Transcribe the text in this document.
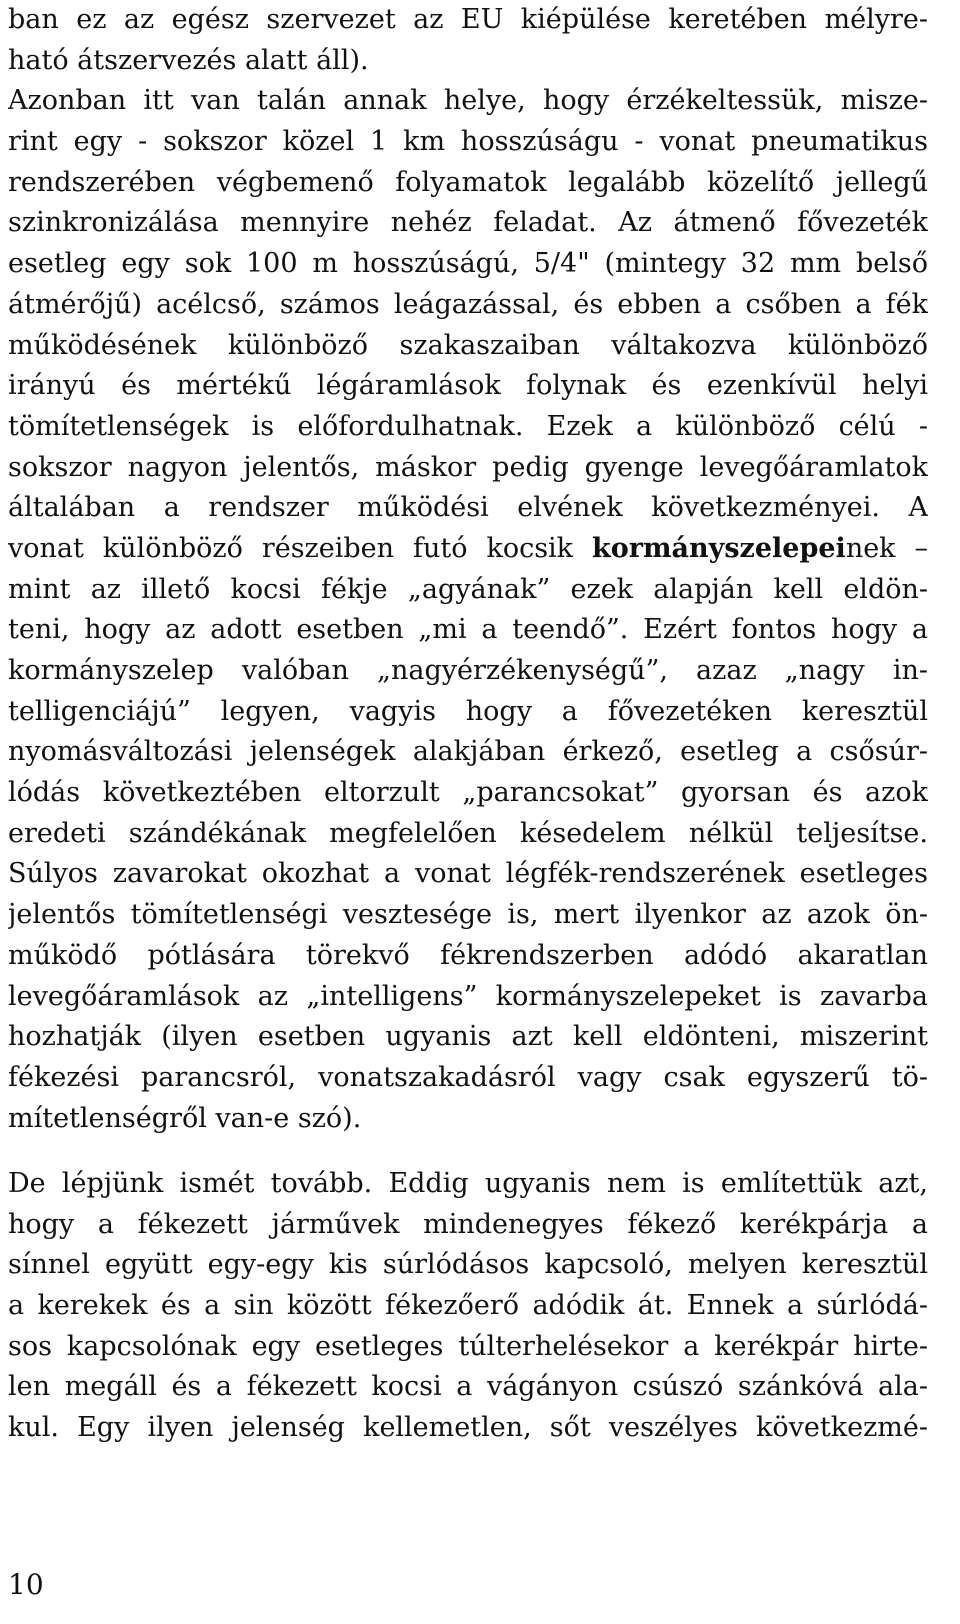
ban ez az egész szervezet az EU kiépülése keretében mélyre-
ható átszervezés alatt áll).
Azonban itt van talán annak helye, hogy érzékeltessük, misze-
rint egy - sokszor közel 1 km hosszúságu - vonat pneumatikus
rendszerében végbemenő folyamatok legalább közelítő jellegű
szinkronizálása mennyire nehéz feladat. Az átmenő fővezeték
esetleg egy sok 100 m hosszúságú, 5/4" (mintegy 32 mm belső
átmérőjű) acélcső, számos leágazással, és ebben a csőben a fék
működésének különböző szakaszaiban váltakozva különböző
irányú és mértékű légáramlások folynak és ezenkívül helyi
tömítetlenségek is előfordulhatnak. Ezek a különböző célú -
sokszor nagyon jelentős, máskor pedig gyenge levegőáramlatok
általában a rendszer működési elvének következményei. A
vonat különböző részeiben futó kocsik kormányszelepeinek –
mint az illető kocsi fékje „agyának” ezek alapján kell eldön-
teni, hogy az adott esetben „mi a teendő”. Ezért fontos hogy a
kormányszelep valóban „nagyérzékenységű”, azaz „nagy in-
telligenciájú” legyen, vagyis hogy a fővezetéken keresztül
nyomásváltozási jelenségek alakjában érkező, esetleg a csősúr-
lódás következtében eltorzult „parancsokat” gyorsan és azok
eredeti szándékának megfelelően késedelem nélkül teljesítse.
Súlyos zavarokat okozhat a vonat légfék-rendszerének esetleges
jelentős tömítetlenségi vesztesége is, mert ilyenkor az azok ön-
működő pótlására törekvő fékrendszerben adódó akaratlan
levegőáramlások az „intelligens” kormányszelepeket is zavarba
hozhatják (ilyen esetben ugyanis azt kell eldönteni, miszerint
fékezési parancsról, vonatszakadásról vagy csak egyszerű tö-
mítetlenségről van-e szó).
De lépjünk ismét tovább. Eddig ugyanis nem is említettük azt,
hogy a fékezett járművek mindenegyes fékező kerékpárja a
sínnel együtt egy-egy kis súrlódásos kapcsoló, melyen keresztül
a kerekek és a sin között fékezőerő adódik át. Ennek a súrlódá-
sos kapcsolónak egy esetleges túlterhelésekor a kerékpár hirte-
len megáll és a fékezett kocsi a vágányon csúszó szánkóvá ala-
kul. Egy ilyen jelenség kellemetlen, sőt veszélyes következmé-
10
